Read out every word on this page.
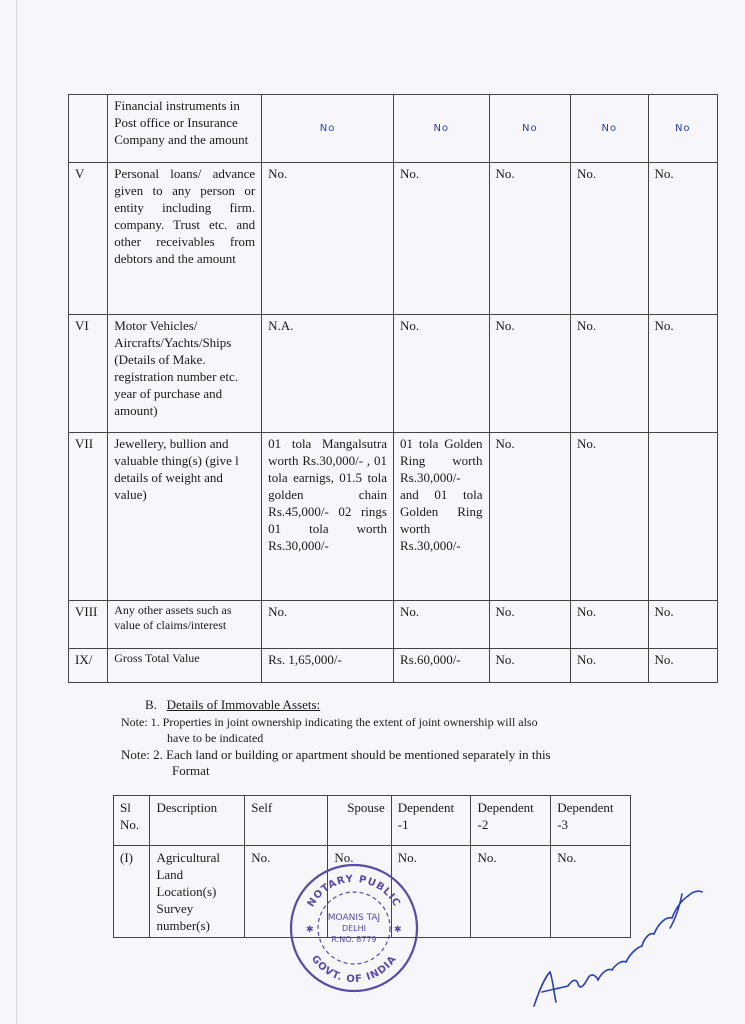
	Financial instruments in Post office or Insurance Company and the amount	No	No	No	No	No
V	Personal loans/ advance given to any person or entity including firm. company. Trust etc. and other receivables from debtors and the amount	No.	No.	No.	No.	No.
VI	Motor Vehicles/ Aircrafts/Yachts/Ships (Details of Make. registration number etc. year of purchase and amount)	N.A.	No.	No.	No.	No.
VII	Jewellery, bullion and valuable thing(s) (give l details of weight and value)	01 tola Mangalsutra worth Rs.30,000/- , 01 tola earnigs, 01.5 tola golden chain Rs.45,000/- 02 rings 01 tola worth Rs.30,000/-	01 tola Golden Ring worth Rs.30,000/- and 01 tola Golden Ring worth Rs.30,000/-	No.	No.	
VIII	Any other assets such as value of claims/interest	No.	No.	No.	No.	No.
IX/	Gross Total Value	Rs. 1,65,000/-	Rs.60,000/-	No.	No.	No.
B. Details of Immovable Assets:
Note: 1. Properties in joint ownership indicating the extent of joint ownership will also
have to be indicated
Note: 2. Each land or building or apartment should be mentioned separately in this
Format
Sl No.	Description	Self	Spouse	Dependent -1	Dependent -2	Dependent -3
(I)	Agricultural Land Location(s) Survey number(s)	No.	No.	No.	No.	No.
NOTARY PUBLIC
GOVT. OF INDIA
MOANIS TAJ
DELHI
R.NO. 8779
✱	✱
